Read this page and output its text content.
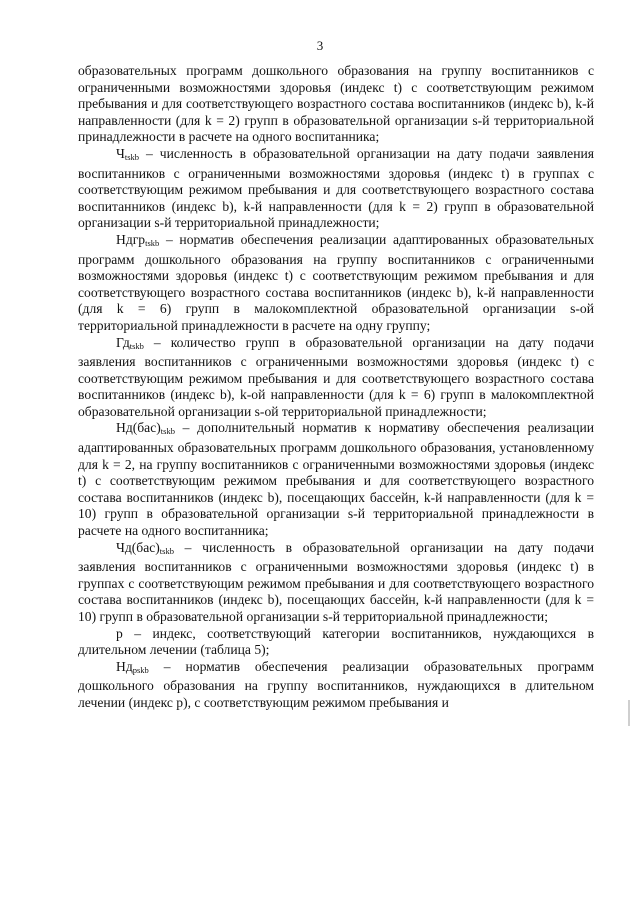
3

образовательных программ дошкольного образования на группу воспитанников с ограниченными возможностями здоровья (индекс t) с соответствующим режимом пребывания и для соответствующего возрастного состава воспитанников (индекс b), k-й направленности (для k = 2) групп в образовательной организации s-й территориальной принадлежности в расчете на одного воспитанника;

$Ч_{tskb}$ – численность в образовательной организации на дату подачи заявления воспитанников с ограниченными возможностями здоровья (индекс t) в группах с соответствующим режимом пребывания и для соответствующего возрастного состава воспитанников (индекс b), k-й направленности (для k = 2) групп в образовательной организации s-й территориальной принадлежности;

Ндгр$_{tskb}$ – норматив обеспечения реализации адаптированных образовательных программ дошкольного образования на группу воспитанников с ограниченными возможностями здоровья (индекс t) с соответствующим режимом пребывания и для соответствующего возрастного состава воспитанников (индекс b), k-й направленности (для k = 6) групп в малокомплектной образовательной организации s-ой территориальной принадлежности в расчете на одну группу;

$Гд_{tskb}$ – количество групп в образовательной организации на дату подачи заявления воспитанников с ограниченными возможностями здоровья (индекс t) с соответствующим режимом пребывания и для соответствующего возрастного состава воспитанников (индекс b), k-ой направленности (для k = 6) групп в малокомплектной образовательной организации s-ой территориальной принадлежности;

$Нд(бас)_{tskb}$ – дополнительный норматив к нормативу обеспечения реализации адаптированных образовательных программ дошкольного образования, установленному для k = 2, на группу воспитанников с ограниченными возможностями здоровья (индекс t) с соответствующим режимом пребывания и для соответствующего возрастного состава воспитанников (индекс b), посещающих бассейн, k-й направленности (для k = 10) групп в образовательной организации s-й территориальной принадлежности в расчете на одного воспитанника;

$Чд(бас)_{tskb}$ – численность в образовательной организации на дату подачи заявления воспитанников с ограниченными возможностями здоровья (индекс t) в группах с соответствующим режимом пребывания и для соответствующего возрастного состава воспитанников (индекс b), посещающих бассейн, k-й направленности (для k = 10) групп в образовательной организации s-й территориальной принадлежности;

p – индекс, соответствующий категории воспитанников, нуждающихся в длительном лечении (таблица 5);

$Нд_{pskb}$ – норматив обеспечения реализации образовательных программ дошкольного образования на группу воспитанников, нуждающихся в длительном лечении (индекс p), с соответствующим режимом пребывания и
